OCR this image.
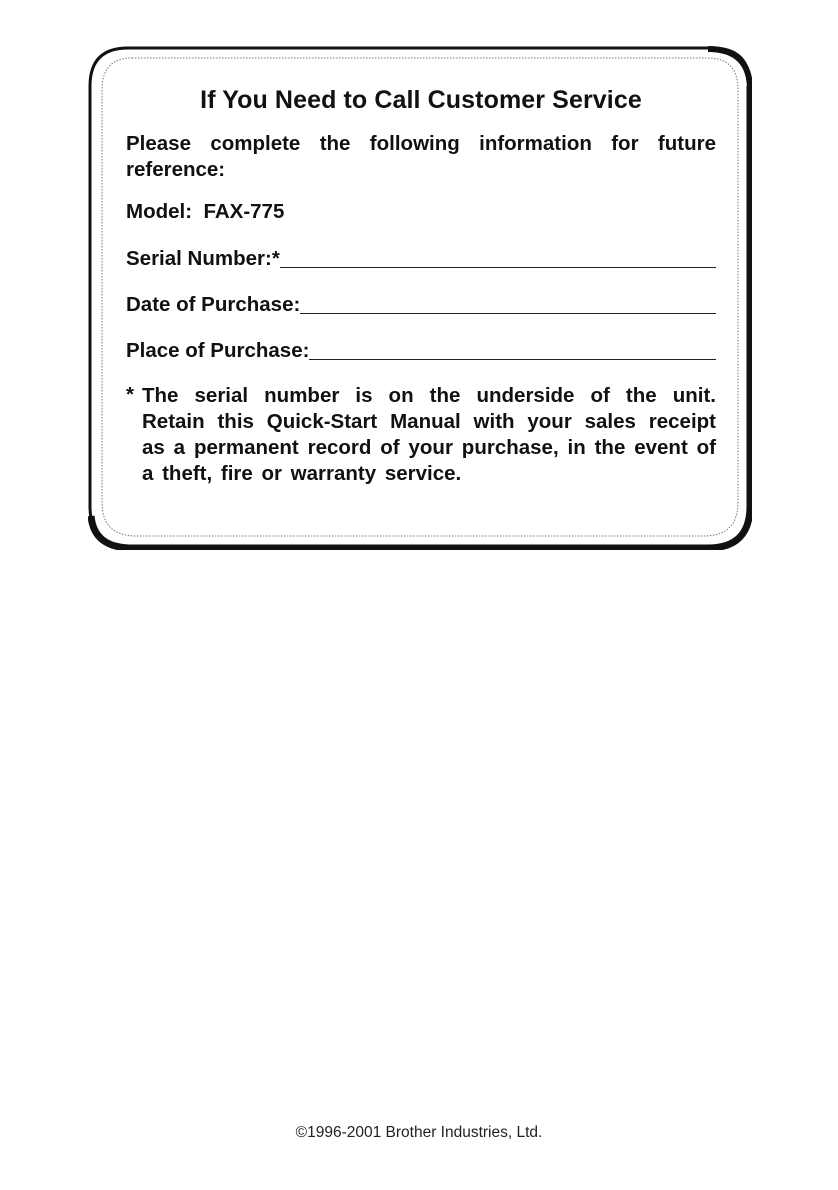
If You Need to Call Customer Service

Please complete the following information for future reference:

Model: FAX-775

Serial Number:*
Date of Purchase:
Place of Purchase:
* The serial number is on the underside of the unit. Retain this Quick-Start Manual with your sales receipt as a permanent record of your purchase, in the event of a theft, fire or warranty service.

©1996-2001 Brother Industries, Ltd.
